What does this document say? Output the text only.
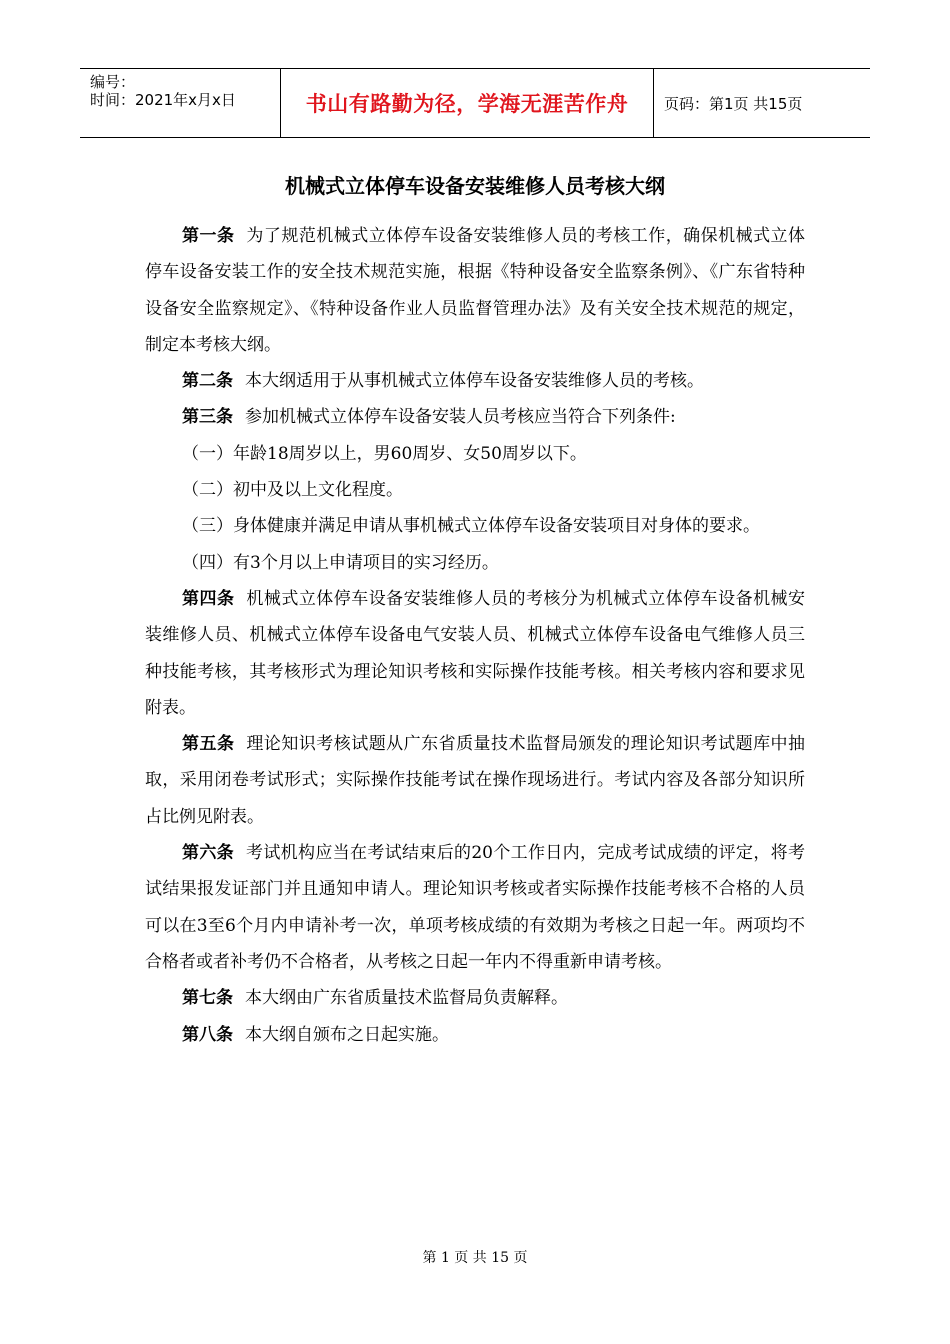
编号：
时间：2021年x月x日	书山有路勤为径，学海无涯苦作舟 页码：第1页 共15页
机械式立体停车设备安装维修人员考核大纲

第一条 为了规范机械式立体停车设备安装维修人员的考核工作，确保机械式立体停车设备安装工作的安全技术规范实施，根据《特种设备安全监察条例》、《广东省特种设备安全监察规定》、《特种设备作业人员监督管理办法》及有关安全技术规范的规定，制定本考核大纲。

第二条 本大纲适用于从事机械式立体停车设备安装维修人员的考核。

第三条 参加机械式立体停车设备安装人员考核应当符合下列条件:

（一）年龄18周岁以上，男60周岁、女50周岁以下。

（二）初中及以上文化程度。

（三）身体健康并满足申请从事机械式立体停车设备安装项目对身体的要求。

（四）有3个月以上申请项目的实习经历。

第四条 机械式立体停车设备安装维修人员的考核分为机械式立体停车设备机械安装维修人员、机械式立体停车设备电气安装人员、机械式立体停车设备电气维修人员三种技能考核，其考核形式为理论知识考核和实际操作技能考核。相关考核内容和要求见附表。

第五条 理论知识考核试题从广东省质量技术监督局颁发的理论知识考试题库中抽取，采用闭卷考试形式；实际操作技能考试在操作现场进行。考试内容及各部分知识所占比例见附表。

第六条 考试机构应当在考试结束后的20个工作日内，完成考试成绩的评定，将考试结果报发证部门并且通知申请人。理论知识考核或者实际操作技能考核不合格的人员可以在3至6个月内申请补考一次，单项考核成绩的有效期为考核之日起一年。两项均不合格者或者补考仍不合格者，从考核之日起一年内不得重新申请考核。

第七条 本大纲由广东省质量技术监督局负责解释。

第八条 本大纲自颁布之日起实施。

第 1 页 共 15 页
